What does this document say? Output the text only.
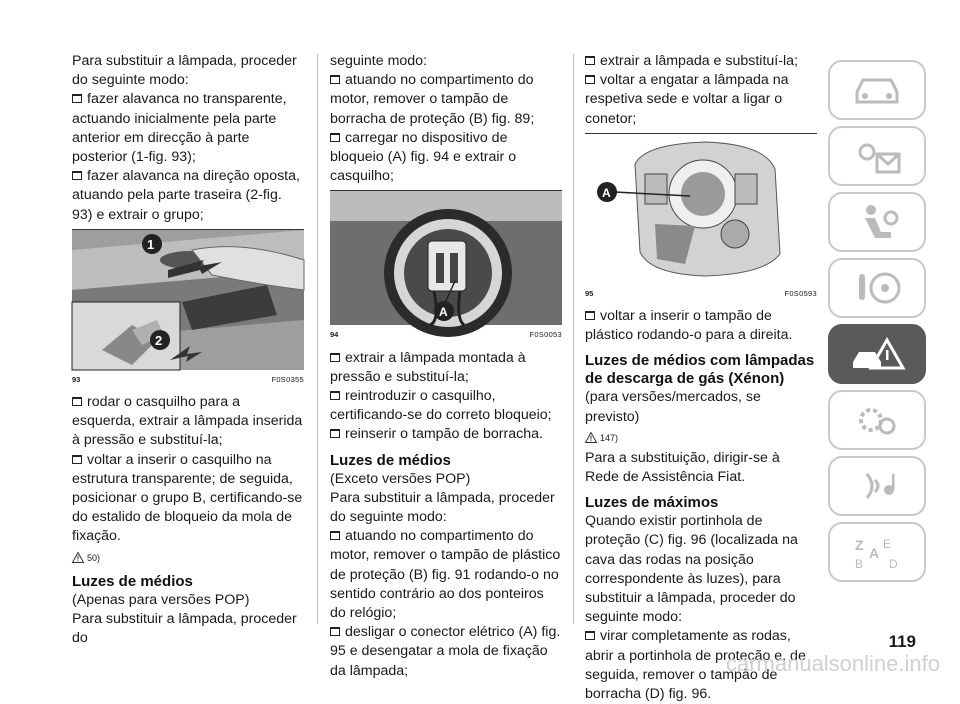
Para substituir a lâmpada, proceder do seguinte modo:

fazer alavanca no transparente, actuando inicialmente pela parte anterior em direcção à parte posterior (1-fig. 93);

fazer alavanca na direção oposta, atuando pela parte traseira (2-fig. 93) e extrair o grupo;

1
2
93	F0S0355

rodar o casquilho para a esquerda, extrair a lâmpada inserida à pressão e substituí-la;

voltar a inserir o casquilho na estrutura transparente; de seguida, posicionar o grupo B, certificando-se do estalido de bloqueio da mola de fixação.

50)
Luzes de médios

(Apenas para versões POP)

Para substituir a lâmpada, proceder do

seguinte modo:

atuando no compartimento do motor, remover o tampão de borracha de proteção (B) fig. 89;

carregar no dispositivo de bloqueio (A) fig. 94 e extrair o casquilho;

A
94	F0S0053

extrair a lâmpada montada à pressão e substituí-la;

reintroduzir o casquilho, certificando-se do correto bloqueio;

reinserir o tampão de borracha.

Luzes de médios

(Exceto versões POP)

Para substituir a lâmpada, proceder do seguinte modo:

atuando no compartimento do motor, remover o tampão de plástico de proteção (B) fig. 91 rodando-o no sentido contrário ao dos ponteiros do relógio;

desligar o conector elétrico (A) fig. 95 e desengatar a mola de fixação da lâmpada;

extrair a lâmpada e substituí-la;

voltar a engatar a lâmpada na respetiva sede e voltar a ligar o conetor;

A
95	F0S0593

voltar a inserir o tampão de plástico rodando-o para a direita.

Luzes de médios com lâmpadas de descarga de gás (Xénon)

(para versões/mercados, se previsto)

147)

Para a substituição, dirigir-se à Rede de Assistência Fiat.

Luzes de máximos

Quando existir portinhola de proteção (C) fig. 96 (localizada na cava das rodas na posição correspondente às luzes), para substituir a lâmpada, proceder do seguinte modo:

virar completamente as rodas, abrir a portinhola de proteção e, de seguida, remover o tampão de borracha (D) fig. 96.

Z E
A
B D
119
carmanualsonline.info
